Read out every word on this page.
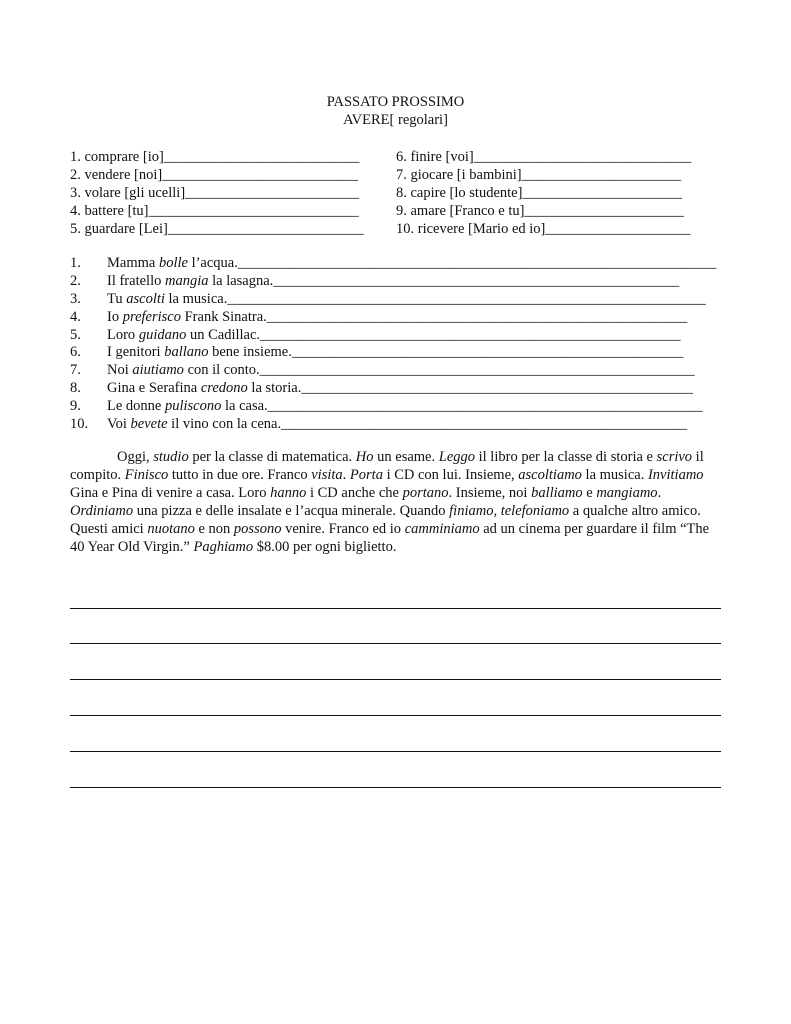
PASSATO PROSSIMO
AVERE[ regolari]
1. comprare [io]___________________________
2. vendere [noi]___________________________
3. volare [gli ucelli]________________________
4. battere [tu]_____________________________
5. guardare [Lei]___________________________
6. finire [voi]______________________________
7. giocare [i bambini]______________________
8. capire [lo studente]______________________
9. amare [Franco e tu]______________________
10. ricevere [Mario ed io]____________________
1. Mamma bolle l’acqua.__________________________________________________________________
2. Il fratello mangia la lasagna.________________________________________________________
3. Tu ascolti la musica.__________________________________________________________________
4. Io preferisco Frank Sinatra.__________________________________________________________
5. Loro guidano un Cadillac.__________________________________________________________
6. I genitori ballano bene insieme.______________________________________________________
7. Noi aiutiamo con il conto.____________________________________________________________
8. Gina e Serafina credono la storia.______________________________________________________
9. Le donne puliscono la casa.____________________________________________________________
10. Voi bevete il vino con la cena.________________________________________________________

Oggi, studio per la classe di matematica. Ho un esame. Leggo il libro per la classe di storia e scrivo il compito. Finisco tutto in due ore. Franco visita. Porta i CD con lui. Insieme, ascoltiamo la musica. Invitiamo Gina e Pina di venire a casa. Loro hanno i CD anche che portano. Insieme, noi balliamo e mangiamo. Ordiniamo una pizza e delle insalate e l’acqua minerale. Quando finiamo, telefoniamo a qualche altro amico. Questi amici nuotano e non possono venire. Franco ed io camminiamo ad un cinema per guardare il film “The 40 Year Old Virgin.” Paghiamo $8.00 per ogni biglietto.
